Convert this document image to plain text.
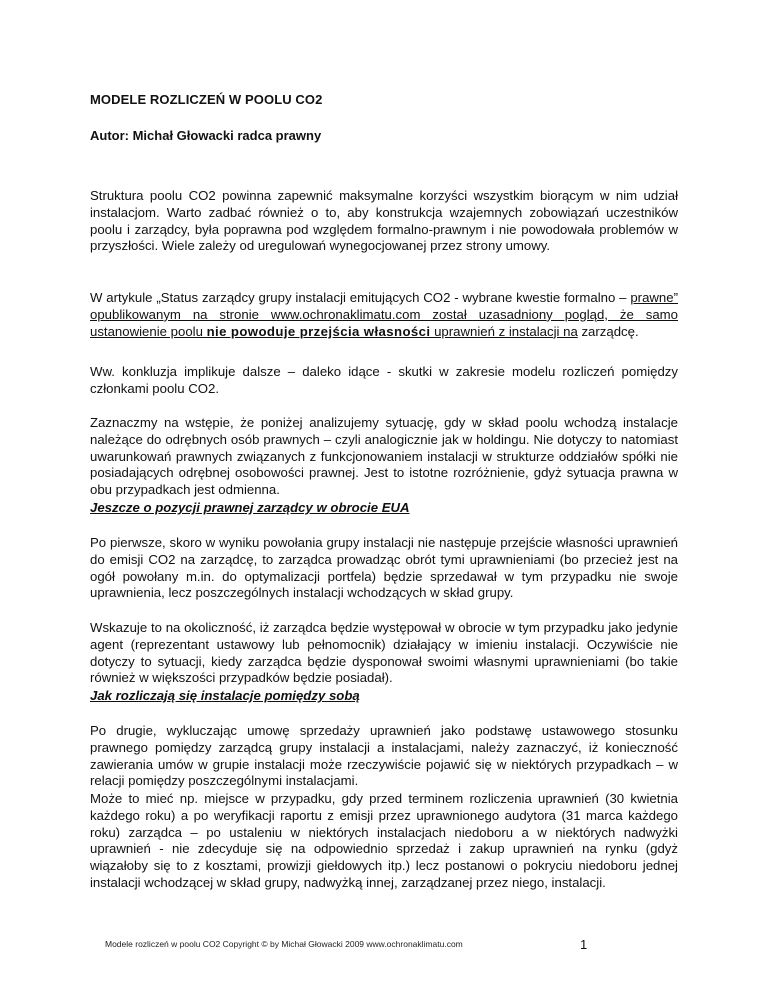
MODELE ROZLICZEŃ W POOLU CO2
Autor: Michał Głowacki radca prawny

Struktura poolu CO2 powinna zapewnić maksymalne korzyści wszystkim biorącym w nim udział instalacjom. Warto zadbać również o to, aby konstrukcja wzajemnych zobowiązań uczestników poolu i zarządcy, była poprawna pod względem formalno-prawnym i nie powodowała problemów w przyszłości. Wiele zależy od uregulowań wynegocjowanej przez strony umowy.

W artykule „Status zarządcy grupy instalacji emitujących CO2 - wybrane kwestie formalno – prawne” opublikowanym na stronie www.ochronaklimatu.com został uzasadniony pogląd, że samo ustanowienie poolu nie powoduje przejścia własności uprawnień z instalacji na zarządcę.

Ww. konkluzja implikuje dalsze – daleko idące - skutki w zakresie modelu rozliczeń pomiędzy członkami poolu CO2.

Zaznaczmy na wstępie, że poniżej analizujemy sytuację, gdy w skład poolu wchodzą instalacje należące do odrębnych osób prawnych – czyli analogicznie jak w holdingu. Nie dotyczy to natomiast uwarunkowań prawnych związanych z funkcjonowaniem instalacji w strukturze oddziałów spółki nie posiadających odrębnej osobowości prawnej. Jest to istotne rozróżnienie, gdyż sytuacja prawna w obu przypadkach jest odmienna.

Jeszcze o pozycji prawnej zarządcy w obrocie EUA

Po pierwsze, skoro w wyniku powołania grupy instalacji nie następuje przejście własności uprawnień do emisji CO2 na zarządcę, to zarządca prowadząc obrót tymi uprawnieniami (bo przecież jest na ogół powołany m.in. do optymalizacji portfela) będzie sprzedawał w tym przypadku nie swoje uprawnienia, lecz poszczególnych instalacji wchodzących w skład grupy.

Wskazuje to na okoliczność, iż zarządca będzie występował w obrocie w tym przypadku jako jedynie agent (reprezentant ustawowy lub pełnomocnik) działający w imieniu instalacji. Oczywiście nie dotyczy to sytuacji, kiedy zarządca będzie dysponował swoimi własnymi uprawnieniami (bo takie również w większości przypadków będzie posiadał).

Jak rozliczają się instalacje pomiędzy sobą

Po drugie, wykluczając umowę sprzedaży uprawnień jako podstawę ustawowego stosunku prawnego pomiędzy zarządcą grupy instalacji a instalacjami, należy zaznaczyć, iż konieczność zawierania umów w grupie instalacji może rzeczywiście pojawić się w niektórych przypadkach – w relacji pomiędzy poszczególnymi instalacjami.

Może to mieć np. miejsce w przypadku, gdy przed terminem rozliczenia uprawnień (30 kwietnia każdego roku) a po weryfikacji raportu z emisji przez uprawnionego audytora (31 marca każdego roku) zarządca – po ustaleniu w niektórych instalacjach niedoboru a w niektórych nadwyżki uprawnień - nie zdecyduje się na odpowiednio sprzedaż i zakup uprawnień na rynku (gdyż wiązałoby się to z kosztami, prowizji giełdowych itp.) lecz postanowi o pokryciu niedoboru jednej instalacji wchodzącej w skład grupy, nadwyżką innej, zarządzanej przez niego, instalacji.

Modele rozliczeń w poolu CO2 Copyright © by Michał Głowacki 2009 www.ochronaklimatu.com	1
